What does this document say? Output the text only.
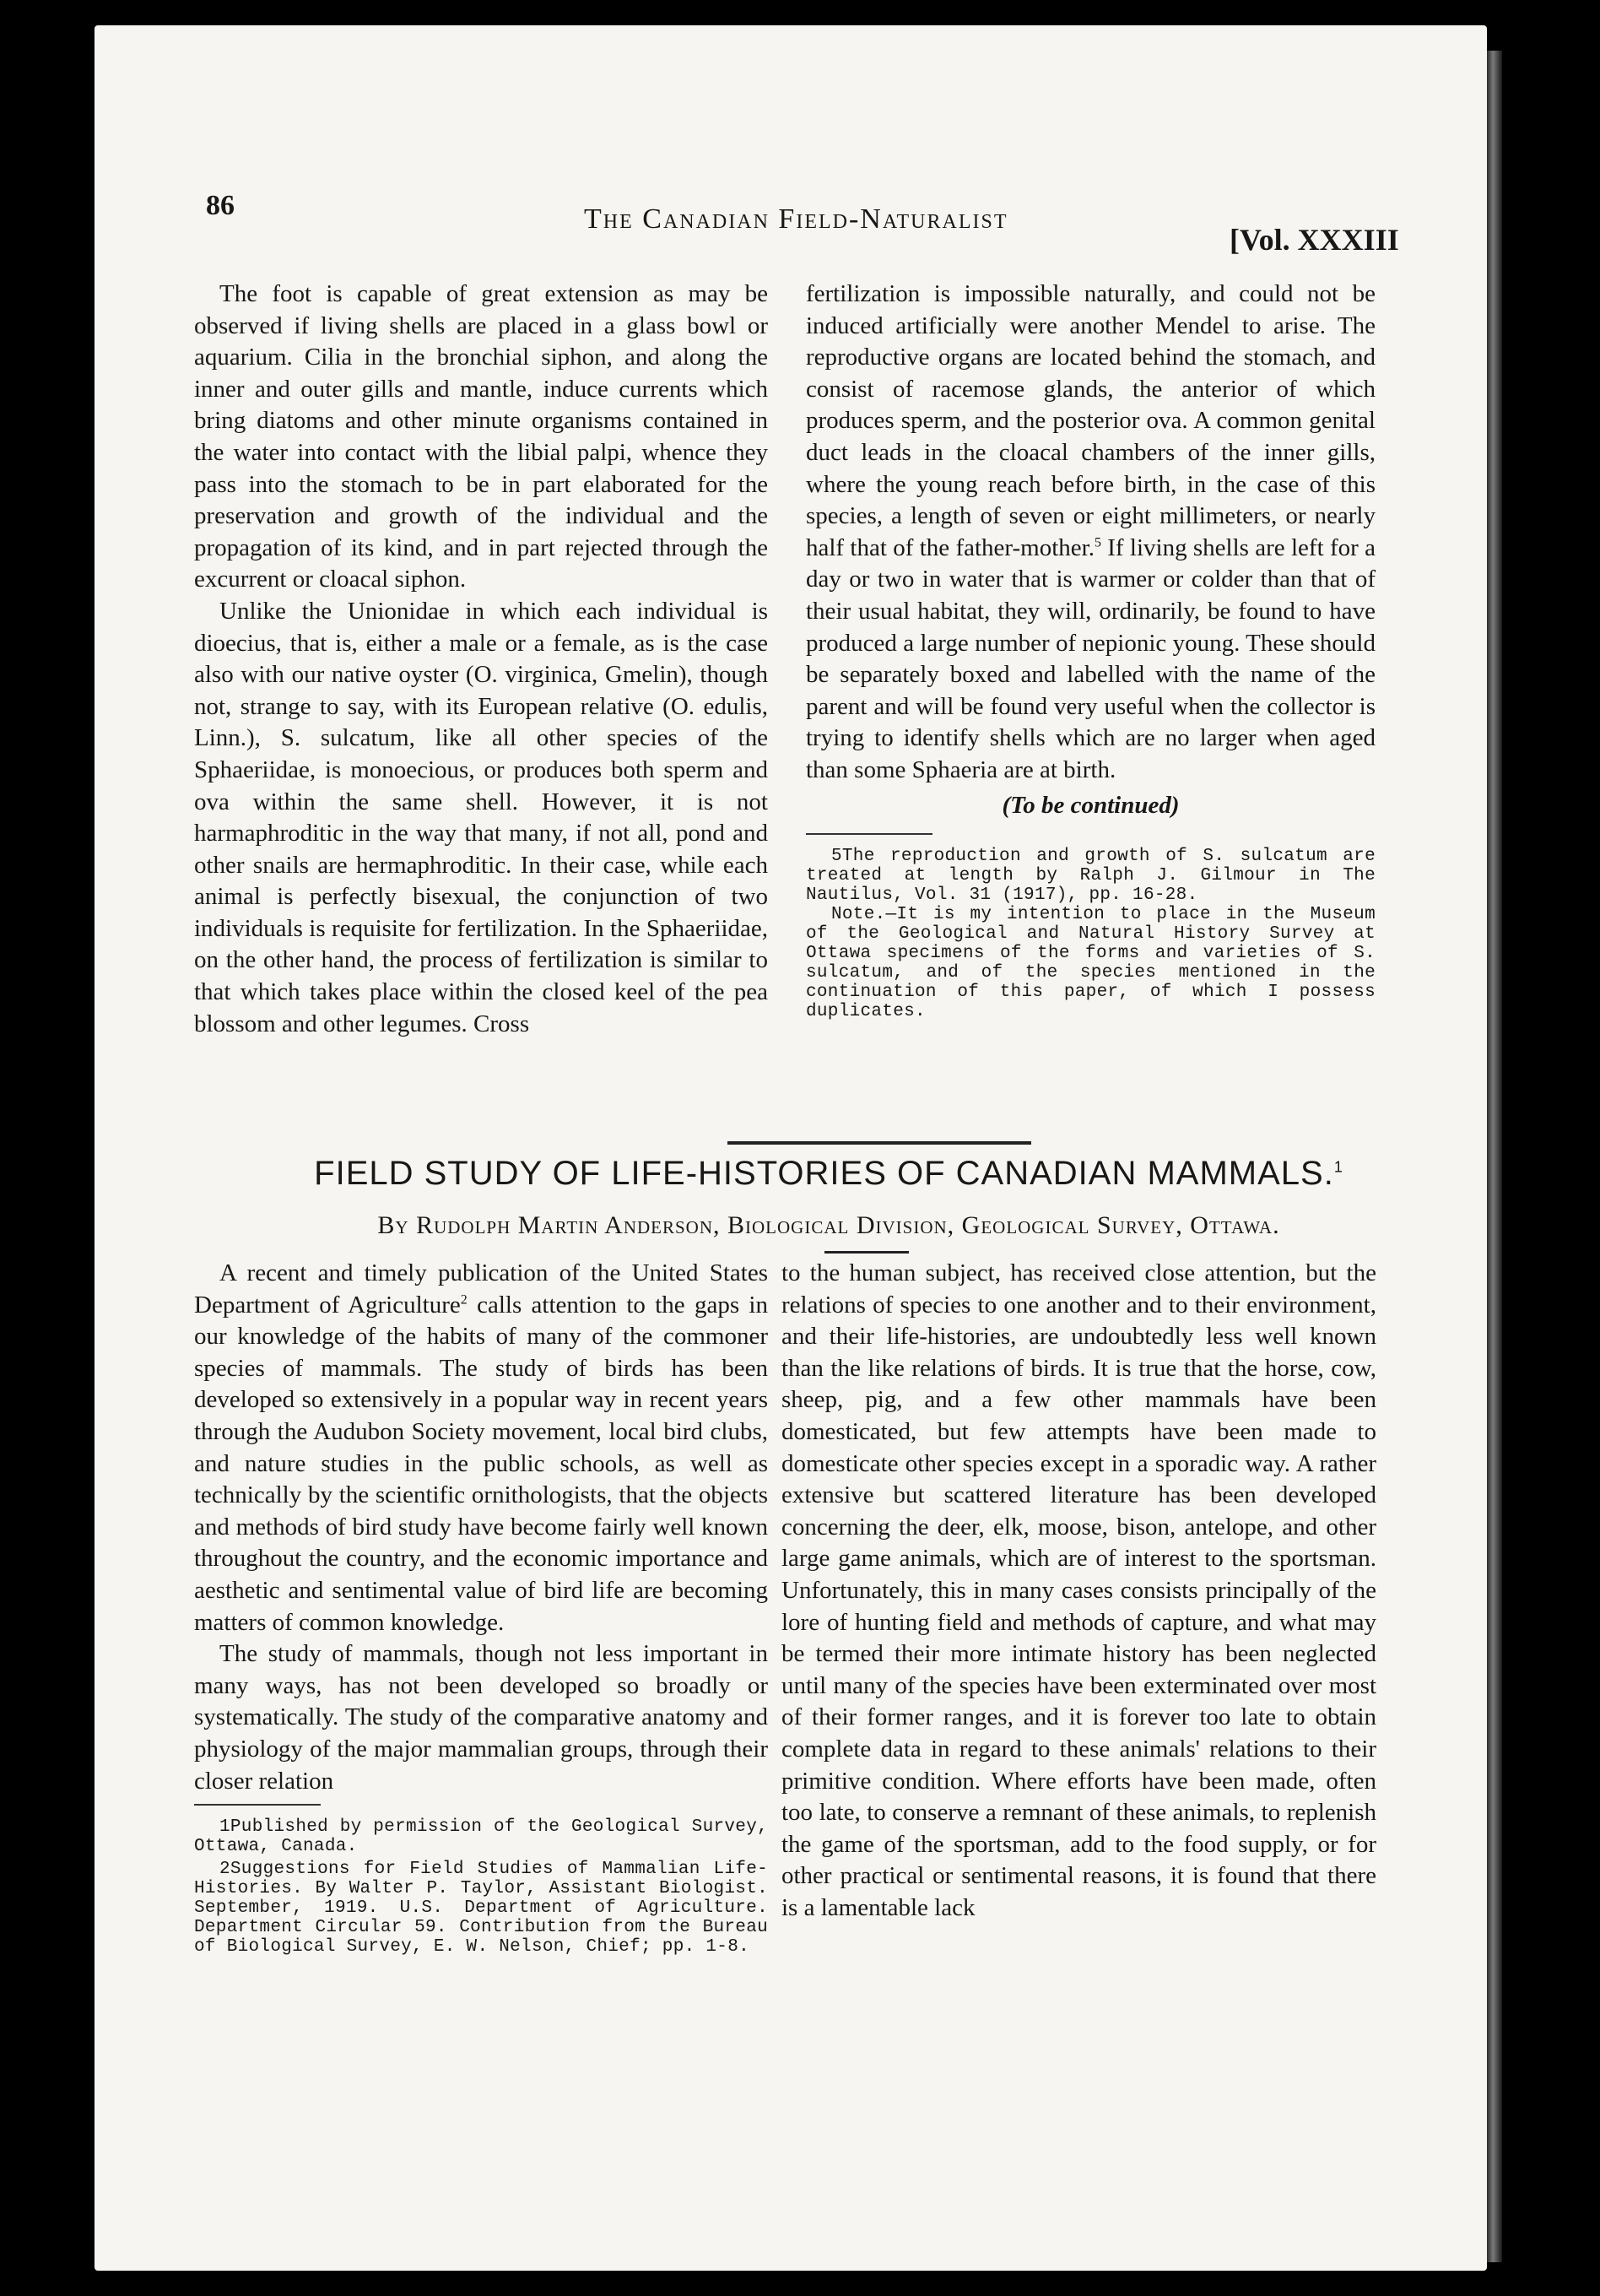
86	The Canadian Field-Naturalist
[Vol. XXXIII

The foot is capable of great extension as may be observed if living shells are placed in a glass bowl or aquarium. Cilia in the bronchial siphon, and along the inner and outer gills and mantle, induce currents which bring diatoms and other minute organisms contained in the water into contact with the libial palpi, whence they pass into the stomach to be in part elaborated for the preservation and growth of the individual and the propagation of its kind, and in part rejected through the excurrent or cloacal siphon.

Unlike the Unionidae in which each individual is dioecius, that is, either a male or a female, as is the case also with our native oyster (O. virginica, Gmelin), though not, strange to say, with its European relative (O. edulis, Linn.), S. sulcatum, like all other species of the Sphaeriidae, is monoecious, or produces both sperm and ova within the same shell. However, it is not harmaphroditic in the way that many, if not all, pond and other snails are hermaphroditic. In their case, while each animal is perfectly bisexual, the conjunction of two individuals is requisite for fertilization. In the Sphaeriidae, on the other hand, the process of fertilization is similar to that which takes place within the closed keel of the pea blossom and other legumes. Cross

fertilization is impossible naturally, and could not be induced artificially were another Mendel to arise. The reproductive organs are located behind the stomach, and consist of racemose glands, the anterior of which produces sperm, and the posterior ova. A common genital duct leads in the cloacal chambers of the inner gills, where the young reach before birth, in the case of this species, a length of seven or eight millimeters, or nearly half that of the father-mother.$^5$ If living shells are left for a day or two in water that is warmer or colder than that of their usual habitat, they will, ordinarily, be found to have produced a large number of nepionic young. These should be separately boxed and labelled with the name of the parent and will be found very useful when the collector is trying to identify shells which are no larger when aged than some Sphaeria are at birth.

(To be continued)

5The reproduction and growth of S. sulcatum are treated at length by Ralph J. Gilmour in The Nautilus, Vol. 31 (1917), pp. 16-28.

Note.—It is my intention to place in the Museum of the Geological and Natural History Survey at Ottawa specimens of the forms and varieties of S. sulcatum, and of the species mentioned in the continuation of this paper, of which I possess duplicates.

FIELD STUDY OF LIFE-HISTORIES OF CANADIAN MAMMALS.$^1$
By Rudolph Martin Anderson, Biological Division, Geological Survey, Ottawa.

A recent and timely publication of the United States Department of Agriculture$^2$ calls attention to the gaps in our knowledge of the habits of many of the commoner species of mammals. The study of birds has been developed so extensively in a popular way in recent years through the Audubon Society movement, local bird clubs, and nature studies in the public schools, as well as technically by the scientific ornithologists, that the objects and methods of bird study have become fairly well known throughout the country, and the economic importance and aesthetic and sentimental value of bird life are becoming matters of common knowledge.

The study of mammals, though not less important in many ways, has not been developed so broadly or systematically. The study of the comparative anatomy and physiology of the major mammalian groups, through their closer relation

1Published by permission of the Geological Survey, Ottawa, Canada.

2Suggestions for Field Studies of Mammalian Life-Histories. By Walter P. Taylor, Assistant Biologist. September, 1919. U.S. Department of Agriculture. Department Circular 59. Contribution from the Bureau of Biological Survey, E. W. Nelson, Chief; pp. 1-8.

to the human subject, has received close attention, but the relations of species to one another and to their environment, and their life-histories, are undoubtedly less well known than the like relations of birds. It is true that the horse, cow, sheep, pig, and a few other mammals have been domesticated, but few attempts have been made to domesticate other species except in a sporadic way. A rather extensive but scattered literature has been developed concerning the deer, elk, moose, bison, antelope, and other large game animals, which are of interest to the sportsman. Unfortunately, this in many cases consists principally of the lore of hunting field and methods of capture, and what may be termed their more intimate history has been neglected until many of the species have been exterminated over most of their former ranges, and it is forever too late to obtain complete data in regard to these animals' relations to their primitive condition. Where efforts have been made, often too late, to conserve a remnant of these animals, to replenish the game of the sportsman, add to the food supply, or for other practical or sentimental reasons, it is found that there is a lamentable lack
